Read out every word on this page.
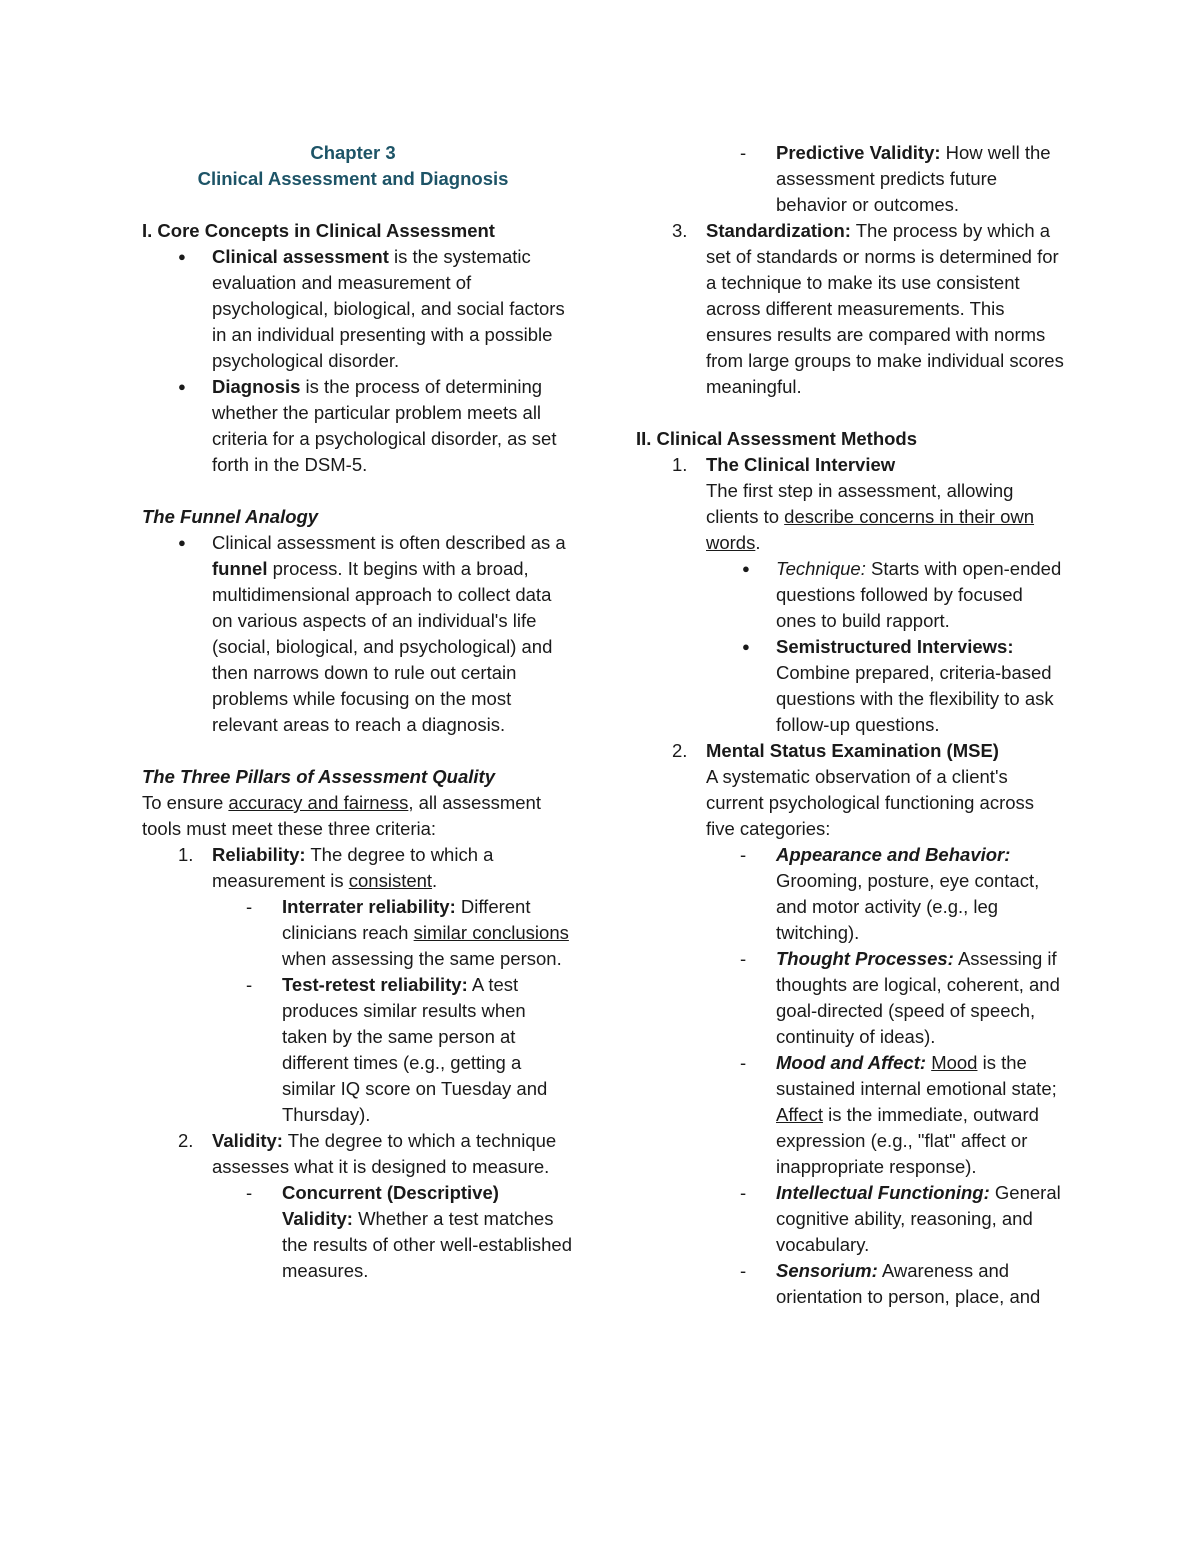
Chapter 3
Clinical Assessment and Diagnosis
I. Core Concepts in Clinical Assessment
● Clinical assessment is the systematic evaluation and measurement of psychological, biological, and social factors in an individual presenting with a possible psychological disorder.
● Diagnosis is the process of determining whether the particular problem meets all criteria for a psychological disorder, as set forth in the DSM-5.
The Funnel Analogy
● Clinical assessment is often described as a funnel process. It begins with a broad, multidimensional approach to collect data on various aspects of an individual's life (social, biological, and psychological) and then narrows down to rule out certain problems while focusing on the most relevant areas to reach a diagnosis.
The Three Pillars of Assessment Quality
To ensure accuracy and fairness, all assessment tools must meet these three criteria:
1. Reliability: The degree to which a measurement is consistent.
- Interrater reliability: Different clinicians reach similar conclusions when assessing the same person.
- Test-retest reliability: A test produces similar results when taken by the same person at different times (e.g., getting a similar IQ score on Tuesday and Thursday).
2. Validity: The degree to which a technique assesses what it is designed to measure.
- Concurrent (Descriptive) Validity: Whether a test matches the results of other well-established measures.
- Predictive Validity: How well the assessment predicts future behavior or outcomes.
3. Standardization: The process by which a set of standards or norms is determined for a technique to make its use consistent across different measurements. This ensures results are compared with norms from large groups to make individual scores meaningful.
II. Clinical Assessment Methods
1. The Clinical Interview
The first step in assessment, allowing clients to describe concerns in their own words.
● Technique: Starts with open-ended questions followed by focused ones to build rapport.
● Semistructured Interviews: Combine prepared, criteria-based questions with the flexibility to ask follow-up questions.
2. Mental Status Examination (MSE)
A systematic observation of a client's current psychological functioning across five categories:
- Appearance and Behavior: Grooming, posture, eye contact, and motor activity (e.g., leg twitching).
- Thought Processes: Assessing if thoughts are logical, coherent, and goal-directed (speed of speech, continuity of ideas).
- Mood and Affect: Mood is the sustained internal emotional state; Affect is the immediate, outward expression (e.g., "flat" affect or inappropriate response).
- Intellectual Functioning: General cognitive ability, reasoning, and vocabulary.
- Sensorium: Awareness and orientation to person, place, and
